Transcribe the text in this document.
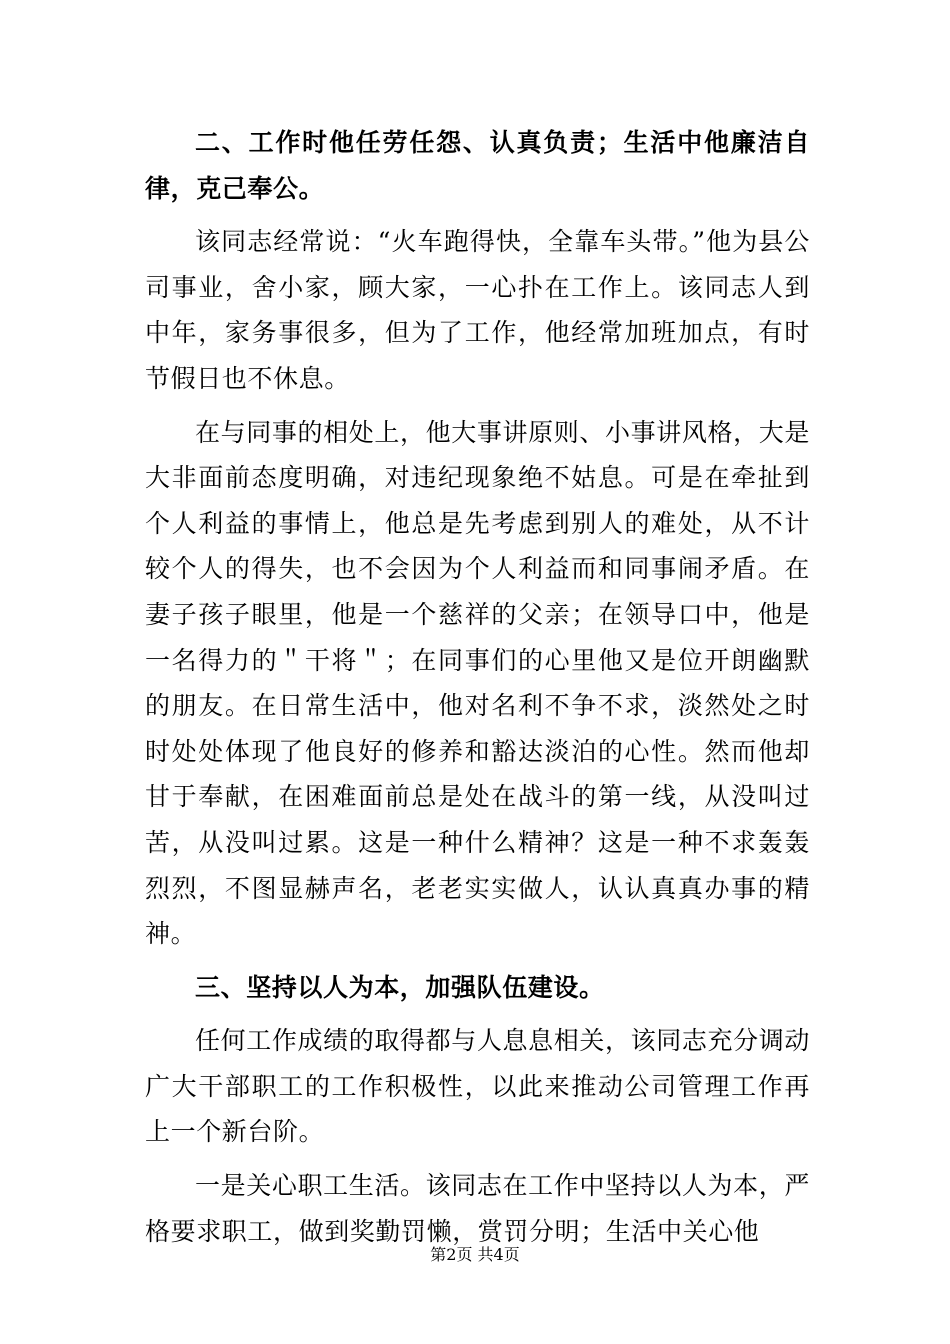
二、工作时他任劳任怨、认真负责；生活中他廉洁自律，克己奉公。

该同志经常说：“火车跑得快，全靠车头带。”他为县公司事业，舍小家，顾大家，一心扑在工作上。该同志人到中年，家务事很多，但为了工作，他经常加班加点，有时节假日也不休息。

在与同事的相处上，他大事讲原则、小事讲风格，大是大非面前态度明确，对违纪现象绝不姑息。可是在牵扯到个人利益的事情上，他总是先考虑到别人的难处，从不计较个人的得失，也不会因为个人利益而和同事闹矛盾。在妻子孩子眼里，他是一个慈祥的父亲；在领导口中，他是一名得力的＂干将＂；在同事们的心里他又是位开朗幽默的朋友。在日常生活中，他对名利不争不求，淡然处之时时处处体现了他良好的修养和豁达淡泊的心性。然而他却甘于奉献，在困难面前总是处在战斗的第一线，从没叫过苦，从没叫过累。这是一种什么精神？这是一种不求轰轰烈烈，不图显赫声名，老老实实做人，认认真真办事的精神。

三、坚持以人为本，加强队伍建设。

任何工作成绩的取得都与人息息相关，该同志充分调动广大干部职工的工作积极性，以此来推动公司管理工作再上一个新台阶。

一是关心职工生活。该同志在工作中坚持以人为本，严格要求职工，做到奖勤罚懒，赏罚分明；生活中关心他

第2页 共4页
